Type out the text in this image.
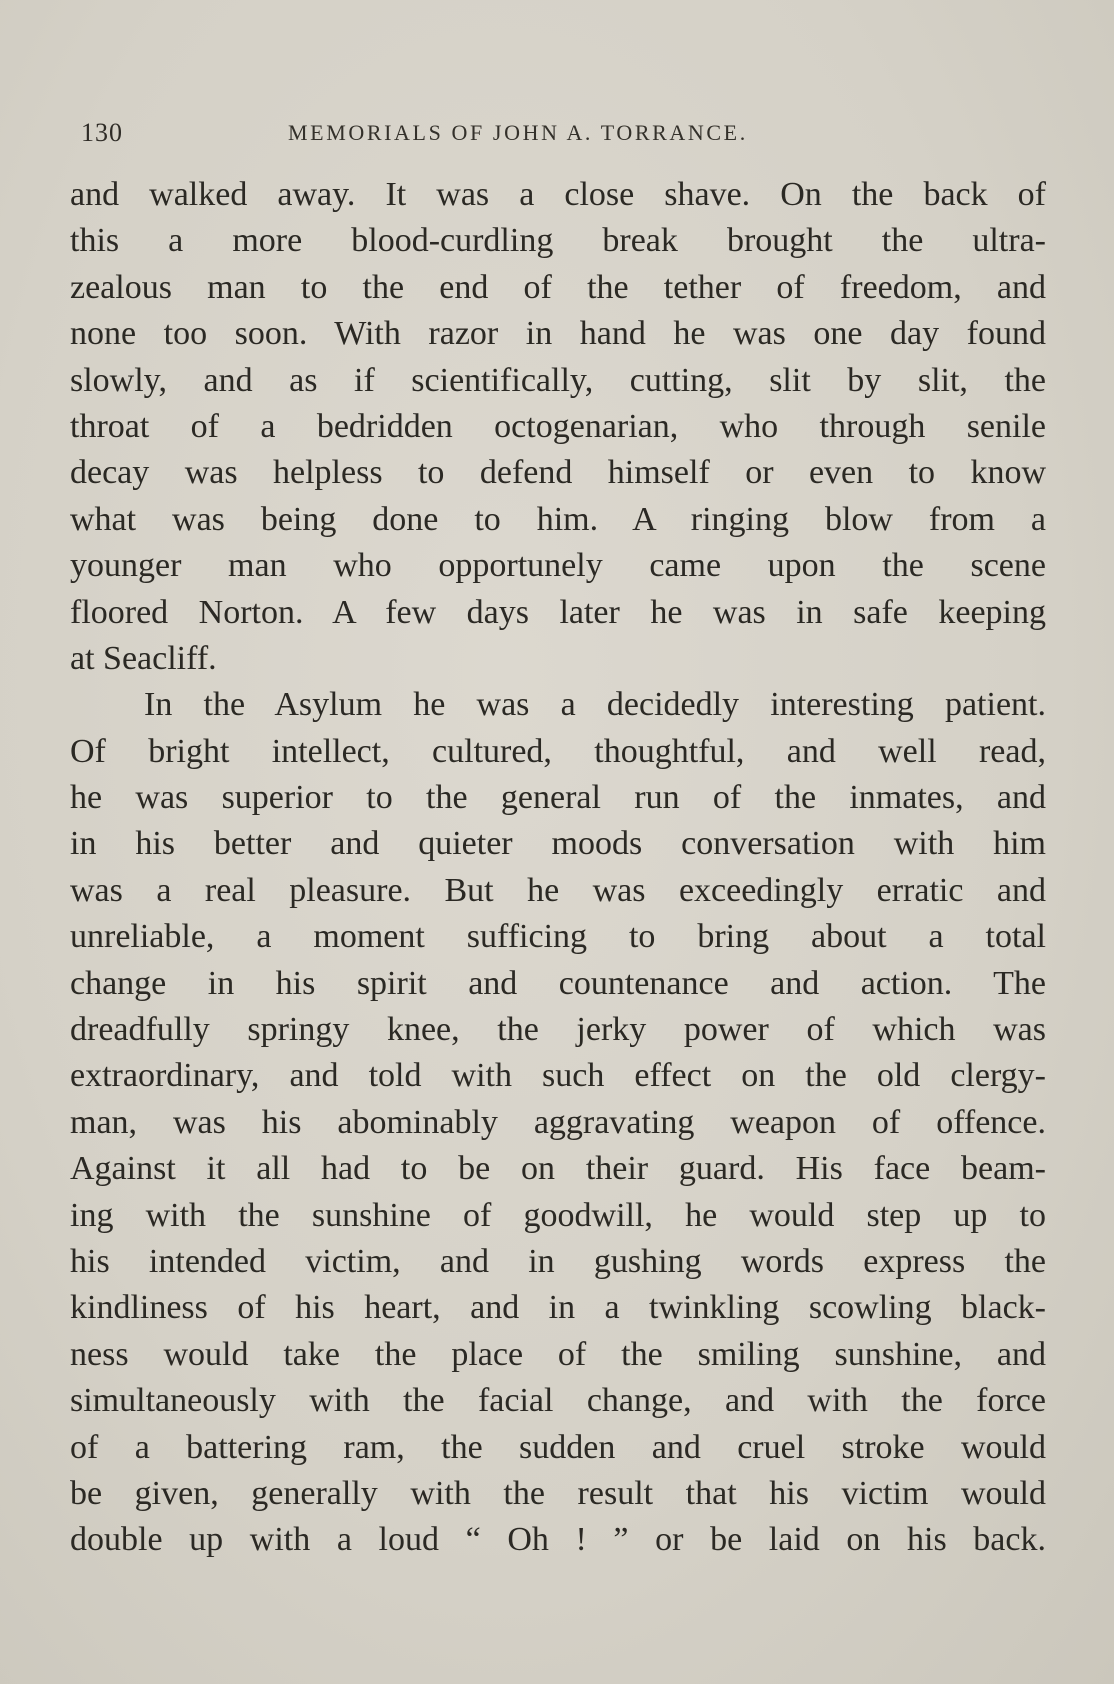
130	MEMORIALS OF JOHN A. TORRANCE.
and walked away. It was a close shave. On the back of
this a more blood-curdling break brought the ultra-
zealous man to the end of the tether of freedom, and
none too soon. With razor in hand he was one day found
slowly, and as if scientifically, cutting, slit by slit, the
throat of a bedridden octogenarian, who through senile
decay was helpless to defend himself or even to know
what was being done to him. A ringing blow from a
younger man who opportunely came upon the scene
floored Norton. A few days later he was in safe keeping
at Seacliff.
In the Asylum he was a decidedly interesting patient.
Of bright intellect, cultured, thoughtful, and well read,
he was superior to the general run of the inmates, and
in his better and quieter moods conversation with him
was a real pleasure. But he was exceedingly erratic and
unreliable, a moment sufficing to bring about a total
change in his spirit and countenance and action. The
dreadfully springy knee, the jerky power of which was
extraordinary, and told with such effect on the old clergy-
man, was his abominably aggravating weapon of offence.
Against it all had to be on their guard. His face beam-
ing with the sunshine of goodwill, he would step up to
his intended victim, and in gushing words express the
kindliness of his heart, and in a twinkling scowling black-
ness would take the place of the smiling sunshine, and
simultaneously with the facial change, and with the force
of a battering ram, the sudden and cruel stroke would
be given, generally with the result that his victim would
double up with a loud “ Oh ! ” or be laid on his back.
